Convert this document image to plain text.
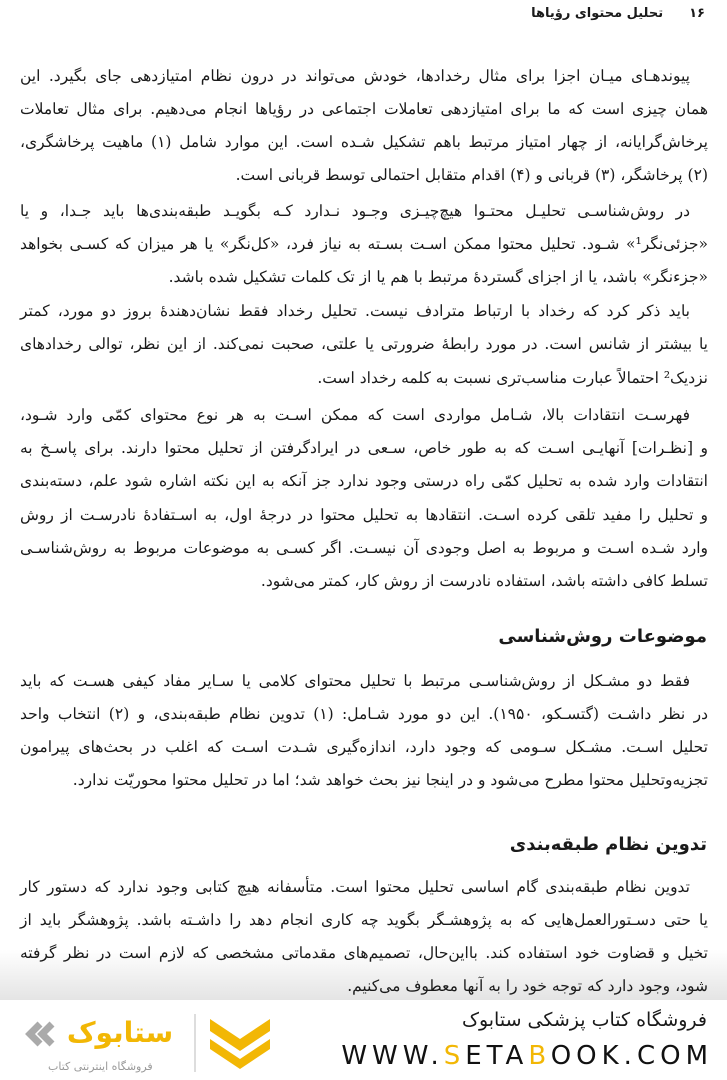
۱۶
تحلیل محتوای رؤیاها
پیوندهـای میـان اجزا برای مثال رخدادها، خودش می‌تواند در درون نظام امتیازدهی جای بگیرد. این
همان چیزی است که ما برای امتیازدهی تعاملات اجتماعی در رؤیاها انجام می‌دهیم. برای مثال تعاملات
پرخاش‌گرایانه، از چهار امتیاز مرتبط باهم تشکیل شـده است. این موارد شامل (۱) ماهیت پرخاشگری،
(۲) پرخاشگر، (۳) قربانی و (۴) اقدام متقابل احتمالی توسط قربانی است.
در روش‌شناسـی تحلیـل محتـوا هیچ‌چیـزی وجـود نـدارد کـه بگویـد طبقه‌بندی‌ها باید جـدا، و یا
«جزئی‌نگر¹» شـود. تحلیل محتوا ممکن اسـت بسـته به نیاز فرد، «کل‌نگر» یا هر میزان که کسـی بخواهد
«جزءنگر» باشد، یا از اجزای گستردهٔ مرتبط با هم یا از تک کلمات تشکیل شده باشد.
باید ذکر کرد که رخداد با ارتباط مترادف نیست. تحلیل رخداد فقط نشان‌دهندهٔ بروز دو مورد، کمتر
یا بیشتر از شانس است. در مورد رابطهٔ ضرورتی یا علتی، صحبت نمی‌کند. از این نظر، توالی رخدادهای
نزدیک² احتمالاً عبارت مناسب‌تری نسبت به کلمه رخداد است.
فهرسـت انتقادات بالا، شـامل مواردی است که ممکن اسـت به هر نوع محتوای کمّی وارد شـود،
و [نظـرات] آنهایـی اسـت که به طور خاص، سـعی در ایرادگرفتن از تحلیل محتوا دارند. برای پاسـخ به
انتقادات وارد شده به تحلیل کمّی راه درستی وجود ندارد جز آنکه به این نکته اشاره شود علم، دسته‌بندی
و تحلیل را مفید تلقی کرده اسـت. انتقادها به تحلیل محتوا در درجهٔ اول، به اسـتفادهٔ نادرسـت از روش
وارد شـده اسـت و مربوط به اصل وجودی آن نیسـت. اگر کسـی به موضوعات مربوط به روش‌شناسـی
تسلط کافی داشته باشد، استفاده نادرست از روش کار، کمتر می‌شود.
فقط دو مشـکل از روش‌شناسـی مرتبط با تحلیل محتوای کلامی یا سـایر مفاد کیفی هسـت که باید
در نظر داشـت (گتسـکو، ۱۹۵۰). این دو مورد شـامل: (۱) تدوین نظام طبقه‌بندی، و (۲) انتخاب واحد
تحلیل اسـت. مشـکل سـومی که وجود دارد، اندازه‌گیری شـدت اسـت که اغلب در بحث‌های پیرامون
تجزیه‌وتحلیل محتوا مطرح می‌شود و در اینجا نیز بحث خواهد شد؛ اما در تحلیل محتوا محوریّت ندارد.
تدوین نظام طبقه‌بندی گام اساسی تحلیل محتوا است. متأسفانه هیچ کتابی وجود ندارد که دستور کار
یا حتی دسـتورالعمل‌هایی که به پژوهشـگر بگوید چه کاری انجام دهد را داشـته باشد. پژوهشگر باید از
تخیل و قضاوت خود استفاده کند. بااین‌حال، تصمیم‌های مقدماتی مشخصی که لازم است در نظر گرفته
شود، وجود دارد که توجه خود را به آنها معطوف می‌کنیم.
موضوعات روش‌شناسی
تدوین نظام طبقه‌بندی
فروشگاه کتاب پزشکی ستابوک
WWW.SETABOOK.COM
ستابوک
فروشگاه اینترنتی کتاب
